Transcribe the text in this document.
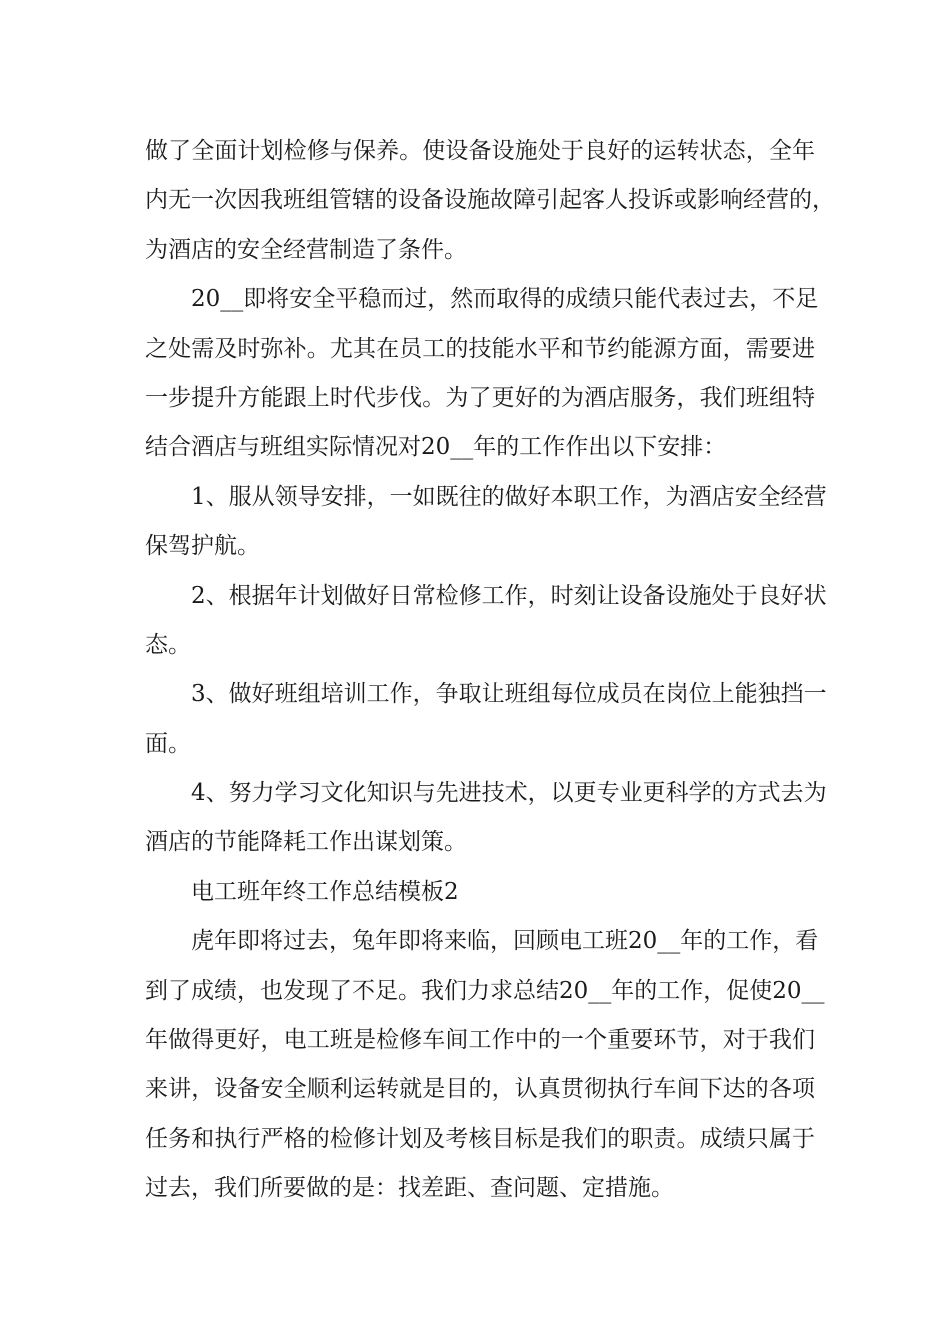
做了全面计划检修与保养。使设备设施处于良好的运转状态，全年
内无一次因我班组管辖的设备设施故障引起客人投诉或影响经营的，
为酒店的安全经营制造了条件。
20__即将安全平稳而过，然而取得的成绩只能代表过去，不足
之处需及时弥补。尤其在员工的技能水平和节约能源方面，需要进
一步提升方能跟上时代步伐。为了更好的为酒店服务，我们班组特
结合酒店与班组实际情况对20__年的工作作出以下安排：
1、服从领导安排，一如既往的做好本职工作，为酒店安全经营
保驾护航。
2、根据年计划做好日常检修工作，时刻让设备设施处于良好状
态。
3、做好班组培训工作，争取让班组每位成员在岗位上能独挡一
面。
4、努力学习文化知识与先进技术，以更专业更科学的方式去为
酒店的节能降耗工作出谋划策。
电工班年终工作总结模板2
虎年即将过去，兔年即将来临，回顾电工班20__年的工作，看
到了成绩，也发现了不足。我们力求总结20__年的工作，促使20__
年做得更好，电工班是检修车间工作中的一个重要环节，对于我们
来讲，设备安全顺利运转就是目的，认真贯彻执行车间下达的各项
任务和执行严格的检修计划及考核目标是我们的职责。成绩只属于
过去，我们所要做的是：找差距、查问题、定措施。
